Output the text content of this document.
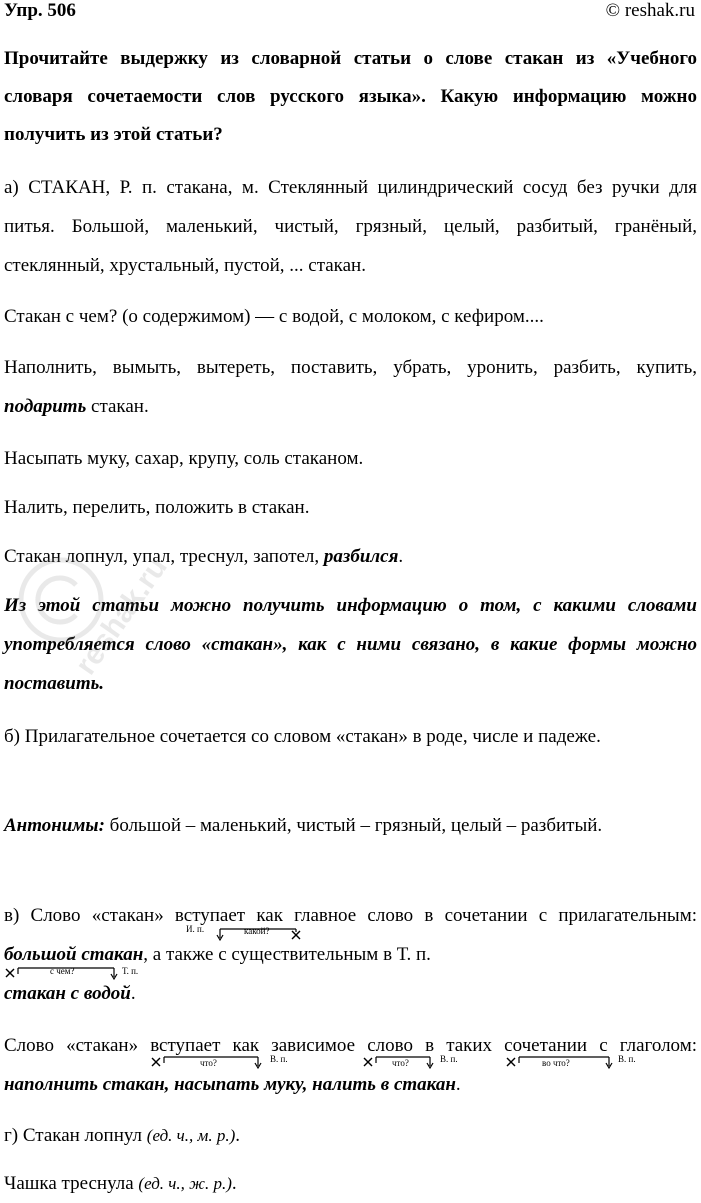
Упр. 506	© reshak.ru

Прочитайте выдержку из словарной статьи о слове стакан из «Учебного словаря сочетаемости слов русского языка». Какую информацию можно получить из этой статьи?

а) СТАКАН, Р. п. стакана, м. Стеклянный цилиндрический сосуд без ручки для питья. Большой, маленький, чистый, грязный, целый, разбитый, гранёный, стеклянный, хрустальный, пустой, ... стакан.

Стакан с чем? (о содержимом) — с водой, с молоком, с кефиром....

Наполнить, вымыть, вытереть, поставить, убрать, уронить, разбить, купить, подарить стакан.

Насыпать муку, сахар, крупу, соль стаканом.

Налить, перелить, положить в стакан.

Стакан лопнул, упал, треснул, запотел, разбился.

Из этой статьи можно получить информацию о том, с какими словами употребляется слово «стакан», как с ними связано, в какие формы можно поставить.

б) Прилагательное сочетается со словом «стакан» в роде, числе и падеже.

Антонимы: большой – маленький, чистый – грязный, целый – разбитый.

в) Слово «стакан» вступает как главное слово в сочетании с прилагательным: большой стакан, а также с существительным в Т. п.
стакан с водой.

Слово «стакан» вступает как зависимое слово в таких сочетании с глаголом: наполнить стакан, насыпать муку, налить в стакан.

г) Стакан лопнул (ед. ч., м. р.).

Чашка треснула (ед. ч., ж. р.).

И. п.	какой?
с чем?	Т. п.
что?	В. п.	что?	В. п.	во что?	В. п.
reshak.ru
